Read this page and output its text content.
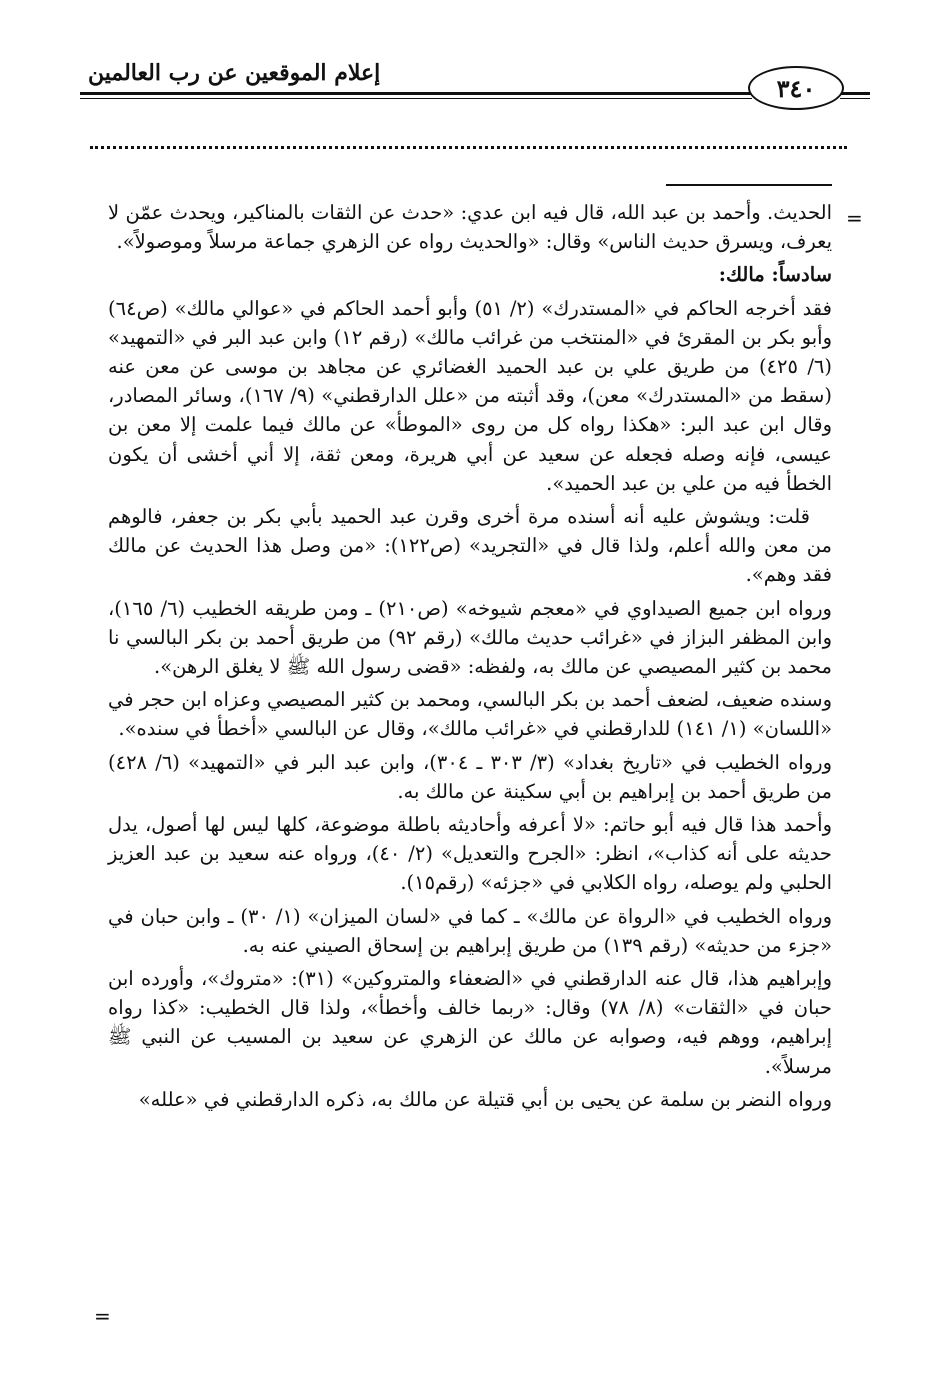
إعلام الموقعين عن رب العالمين
٣٤٠
=

الحديث. وأحمد بن عبد الله، قال فيه ابن عدي: «حدث عن الثقات بالمناكير، ويحدث عمّن لا يعرف، ويسرق حديث الناس» وقال: «والحديث رواه عن الزهري جماعة مرسلاً وموصولاً».

سادساً: مالك:

فقد أخرجه الحاكم في «المستدرك» (٢/ ٥١) وأبو أحمد الحاكم في «عوالي مالك» (ص٦٤) وأبو بكر بن المقرئ في «المنتخب من غرائب مالك» (رقم ١٢) وابن عبد البر في «التمهيد» (٦/ ٤٢٥) من طريق علي بن عبد الحميد الغضائري عن مجاهد بن موسى عن معن عنه (سقط من «المستدرك» معن)، وقد أثبته من «علل الدارقطني» (٩/ ١٦٧)، وسائر المصادر، وقال ابن عبد البر: «هكذا رواه كل من روى «الموطأ» عن مالك فيما علمت إلا معن بن عيسى، فإنه وصله فجعله عن سعيد عن أبي هريرة، ومعن ثقة، إلا أني أخشى أن يكون الخطأ فيه من علي بن عبد الحميد».

قلت: ويشوش عليه أنه أسنده مرة أخرى وقرن عبد الحميد بأبي بكر بن جعفر، فالوهم من معن والله أعلم، ولذا قال في «التجريد» (ص١٢٢): «من وصل هذا الحديث عن مالك فقد وهم».

ورواه ابن جميع الصيداوي في «معجم شيوخه» (ص٢١٠) ـ ومن طريقه الخطيب (٦/ ١٦٥)، وابن المظفر البزاز في «غرائب حديث مالك» (رقم ٩٢) من طريق أحمد بن بكر البالسي نا محمد بن كثير المصيصي عن مالك به، ولفظه: «قضى رسول الله ﷺ لا يغلق الرهن».

وسنده ضعيف، لضعف أحمد بن بكر البالسي، ومحمد بن كثير المصيصي وعزاه ابن حجر في «اللسان» (١/ ١٤١) للدارقطني في «غرائب مالك»، وقال عن البالسي «أخطأ في سنده».

ورواه الخطيب في «تاريخ بغداد» (٣/ ٣٠٣ ـ ٣٠٤)، وابن عبد البر في «التمهيد» (٦/ ٤٢٨) من طريق أحمد بن إبراهيم بن أبي سكينة عن مالك به.

وأحمد هذا قال فيه أبو حاتم: «لا أعرفه وأحاديثه باطلة موضوعة، كلها ليس لها أصول، يدل حديثه على أنه كذاب»، انظر: «الجرح والتعديل» (٢/ ٤٠)، ورواه عنه سعيد بن عبد العزيز الحلبي ولم يوصله، رواه الكلابي في «جزئه» (رقم١٥).

ورواه الخطيب في «الرواة عن مالك» ـ كما في «لسان الميزان» (١/ ٣٠) ـ وابن حبان في «جزء من حديثه» (رقم ١٣٩) من طريق إبراهيم بن إسحاق الصيني عنه به.

وإبراهيم هذا، قال عنه الدارقطني في «الضعفاء والمتروكين» (٣١): «متروك»، وأورده ابن حبان في «الثقات» (٨/ ٧٨) وقال: «ربما خالف وأخطأ»، ولذا قال الخطيب: «كذا رواه إبراهيم، ووهم فيه، وصوابه عن مالك عن الزهري عن سعيد بن المسيب عن النبي ﷺ مرسلاً».

ورواه النضر بن سلمة عن يحيى بن أبي قتيلة عن مالك به، ذكره الدارقطني في «علله»

=
